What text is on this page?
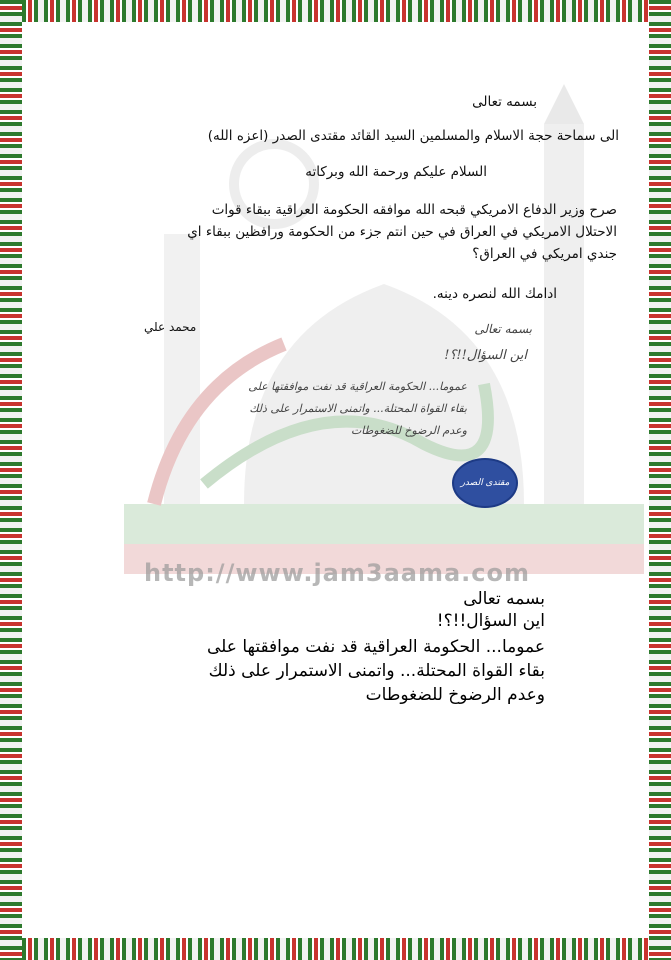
http://www.jam3aama.com
بسمه تعالى
الى سماحة حجة الاسلام والمسلمين السيد القائد مقتدى الصدر (اعزه الله)
السلام عليكم ورحمة الله وبركاته
صرح وزير الدفاع الامريكي قبحه الله موافقه الحكومة العراقية ببقاء قوات
الاحتلال الامريكي في العراق في حين انتم جزء من الحكومة ورافظين ببقاء اي
جندي امريكي في العراق؟
ادامك الله لنصره دينه.
محمد علي	بسمه تعالى
اين السؤال!!؟!
عموما... الحكومة العراقية قد نفت موافقتها على
بقاء القواة المحتلة... واتمنى الاستمرار على ذلك
وعدم الرضوخ للضغوطات
مقتدى الصدر
بسمه تعالى
اين السؤال!!؟!
عموما... الحكومة العراقية قد نفت موافقتها على
بقاء القواة المحتلة... واتمنى الاستمرار على ذلك
وعدم الرضوخ للضغوطات
